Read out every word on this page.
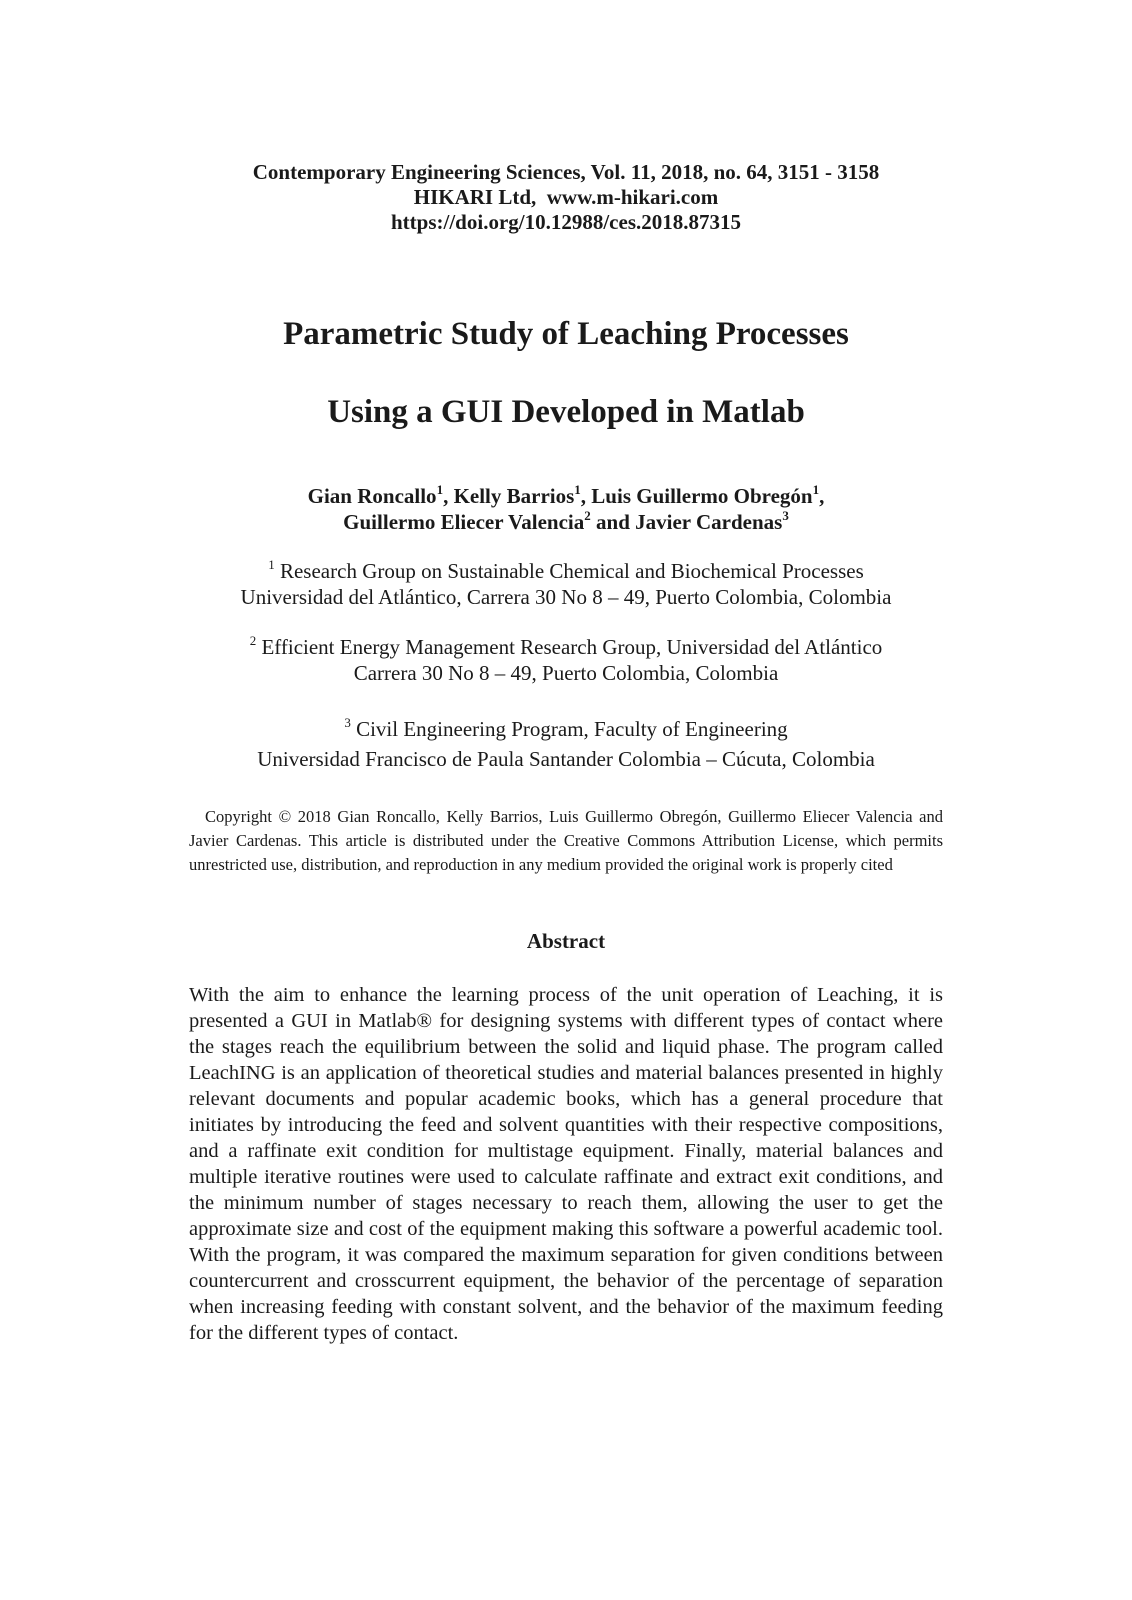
Contemporary Engineering Sciences, Vol. 11, 2018, no. 64, 3151 - 3158
HIKARI Ltd,  www.m-hikari.com
https://doi.org/10.12988/ces.2018.87315
Parametric Study of Leaching Processes
Using a GUI Developed in Matlab
Gian Roncallo$^1$, Kelly Barrios$^1$, Luis Guillermo Obregón$^1$,
Guillermo Eliecer Valencia$^2$ and Javier Cardenas$^3$
$^1$ Research Group on Sustainable Chemical and Biochemical Processes
Universidad del Atlántico, Carrera 30 No 8 – 49, Puerto Colombia, Colombia
$^2$ Efficient Energy Management Research Group, Universidad del Atlántico
Carrera 30 No 8 – 49, Puerto Colombia, Colombia
$^3$ Civil Engineering Program, Faculty of Engineering
Universidad Francisco de Paula Santander Colombia – Cúcuta, Colombia
Copyright © 2018 Gian Roncallo, Kelly Barrios, Luis Guillermo Obregón, Guillermo Eliecer Valencia and Javier Cardenas. This article is distributed under the Creative Commons Attribution License, which permits unrestricted use, distribution, and reproduction in any medium provided the original work is properly cited
Abstract
With the aim to enhance the learning process of the unit operation of Leaching, it is presented a GUI in Matlab® for designing systems with different types of contact where the stages reach the equilibrium between the solid and liquid phase. The program called LeachING is an application of theoretical studies and material balances presented in highly relevant documents and popular academic books, which has a general procedure that initiates by introducing the feed and solvent quantities with their respective compositions, and a raffinate exit condition for multistage equipment. Finally, material balances and multiple iterative routines were used to calculate raffinate and extract exit conditions, and the minimum number of stages necessary to reach them, allowing the user to get the approximate size and cost of the equipment making this software a powerful academic tool. With the program, it was compared the maximum separation for given conditions between countercurrent and crosscurrent equipment, the behavior of the percentage of separation when increasing feeding with constant solvent, and the behavior of the maximum feeding for the different types of contact.
